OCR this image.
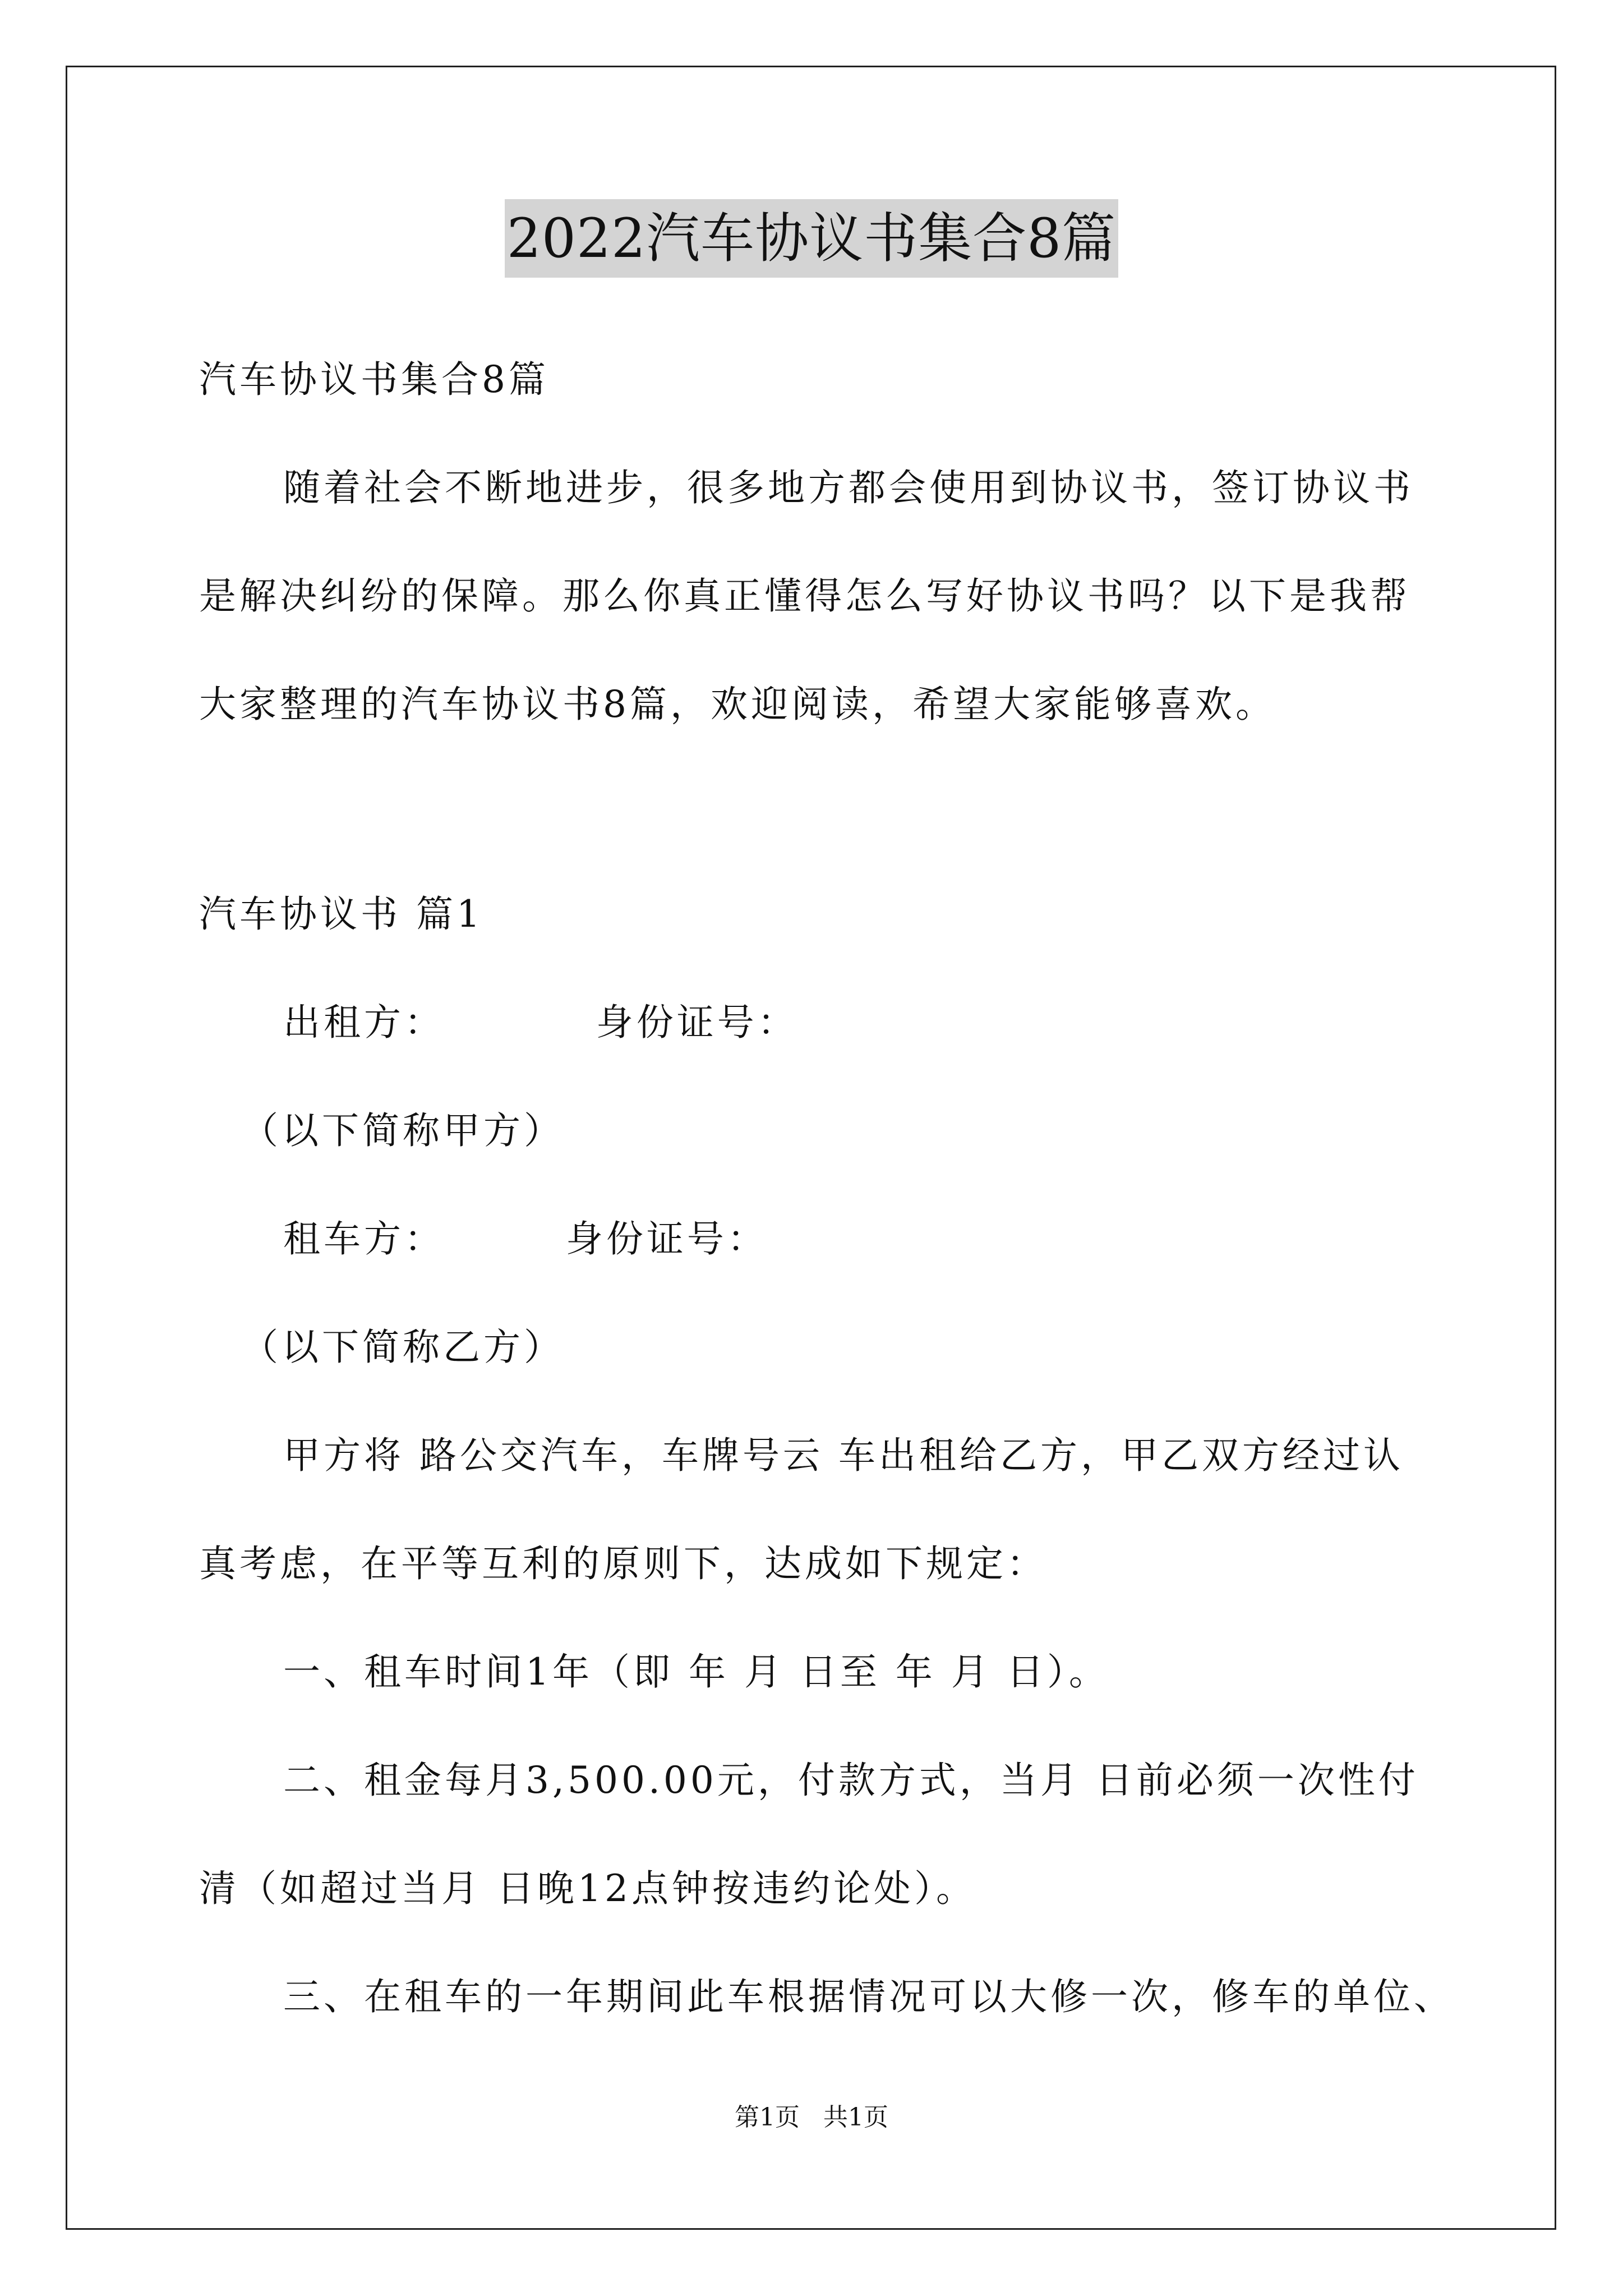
2022汽车协议书集合8篇
汽车协议书集合8篇
随着社会不断地进步，很多地方都会使用到协议书，签订协议书
是解决纠纷的保障。那么你真正懂得怎么写好协议书吗？以下是我帮
大家整理的汽车协议书8篇，欢迎阅读，希望大家能够喜欢。
汽车协议书 篇1
出租方：          身份证号：
（以下简称甲方）
租车方：        身份证号：
（以下简称乙方）
甲方将 路公交汽车，车牌号云 车出租给乙方，甲乙双方经过认
真考虑，在平等互利的原则下，达成如下规定：
一、租车时间1年（即 年 月 日至 年 月 日）。
二、租金每月3,500.00元，付款方式，当月 日前必须一次性付
清（如超过当月 日晚12点钟按违约论处）。
三、在租车的一年期间此车根据情况可以大修一次，修车的单位、
第1页   共1页
